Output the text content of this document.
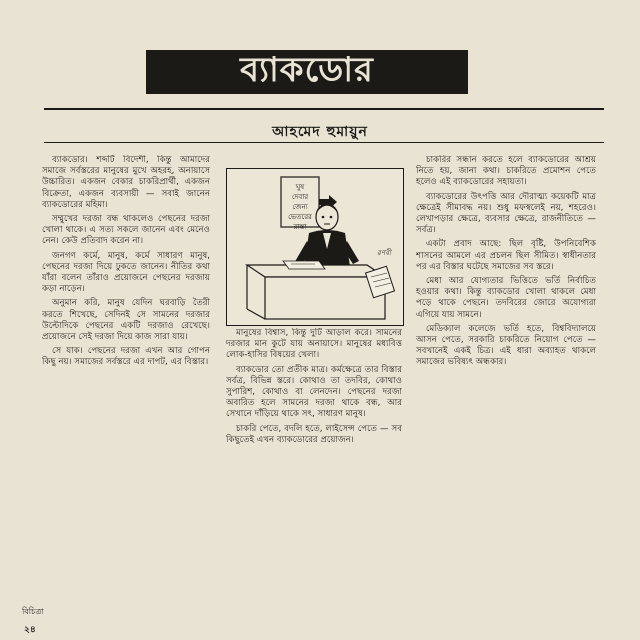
ব্যাকডোর
আহমেদ হুমায়ুন

ব্যাকডোর। শব্দটি বিদেশী, কিন্তু আমাদের সমাজে সর্বস্তরের মানুষের মুখে অহরহ, অনায়াসে উচ্চারিত। একজন বেকার চাকরিপ্রার্থী, একজন বিক্রেতা, একজন ব্যবসায়ী — সবাই জানেন ব্যাকডোরের মহিমা।

সম্মুখের দরজা বন্ধ থাকলেও পেছনের দরজা খোলা থাকে। এ সত্য সকলে জানেন এবং মেনেও নেন। কেউ প্রতিবাদ করেন না।

জনগণ কর্মে, মানুষ, কর্মে সাধারণ মানুষ, পেছনের দরজা দিয়ে ঢুকতে জানেন। নীতির কথা যাঁরা বলেন তাঁরাও প্রয়োজনে পেছনের দরজায় কড়া নাড়েন।

অনুমান করি, মানুষ যেদিন ঘরবাড়ি তৈরী করতে শিখেছে, সেদিনই সে সামনের দরজার উল্টোদিকে পেছনের একটি দরজাও রেখেছে। প্রয়োজনে সেই দরজা দিয়ে কাজ সারা যায়।

সে যাক। পেছনের দরজা এখন আর গোপন কিছু নয়। সমাজের সর্বস্তরে এর দাপট, এর বিস্তার।

ঘুষ দেবার জেন্য ভেতরের রাস্তা
রণবী

মানুষের বিশ্বাস, কিন্তু দুটি আড়াল করে। সামনের দরজার মান কুটে যায় অনায়াসে। মানুষের মধ্যবিত্ত লোক-হাসির বিষয়ের খেলা।

ব্যাকডোর তো প্রতীক মাত্র। কর্মক্ষেত্রে তার বিস্তার সর্বত্র, বিভিন্ন স্তরে। কোথাও তা তদবির, কোথাও সুপারিশ, কোথাও বা লেনদেন। পেছনের দরজা অবারিত হলে সামনের দরজা থাকে বন্ধ, আর সেখানে দাঁড়িয়ে থাকে সৎ, সাধারণ মানুষ।

চাকরি পেতে, বদলি হতে, লাইসেন্স পেতে — সব কিছুতেই এখন ব্যাকডোরের প্রয়োজন।

চাকরির সন্ধান করতে হলে ব্যাকডোরের আশ্রয় নিতে হয়, জানা কথা। চাকরিতে প্রমোশন পেতে হলেও এই ব্যাকডোরের সহায়তা।

ব্যাকডোরের উৎপত্তি আর দৌরাত্ম্য কয়েকটি মাত্র ক্ষেত্রেই সীমাবদ্ধ নয়। শুধু মফস্বলেই নয়, শহরেও। লেখাপড়ার ক্ষেত্রে, ব্যবসার ক্ষেত্রে, রাজনীতিতে — সর্বত্র।

একটা প্রবাদ আছে: ছিল বৃষ্টি, উপনিবেশিক শাসনের আমলে এর প্রচলন ছিল সীমিত। স্বাধীনতার পর এর বিস্তার ঘটেছে সমাজের সব স্তরে।

মেধা আর যোগ্যতার ভিত্তিতে ভর্তি নির্বাচিত হওয়ার কথা। কিন্তু ব্যাকডোর খোলা থাকলে মেধা পড়ে থাকে পেছনে। তদবিরের জোরে অযোগ্যরা এগিয়ে যায় সামনে।

মেডিক্যাল কলেজে ভর্তি হতে, বিশ্ববিদ্যালয়ে আসন পেতে, সরকারি চাকরিতে নিয়োগ পেতে — সবখানেই একই চিত্র। এই ধারা অব্যাহত থাকলে সমাজের ভবিষ্যৎ অন্ধকার।

বিচিত্রা
২৪
